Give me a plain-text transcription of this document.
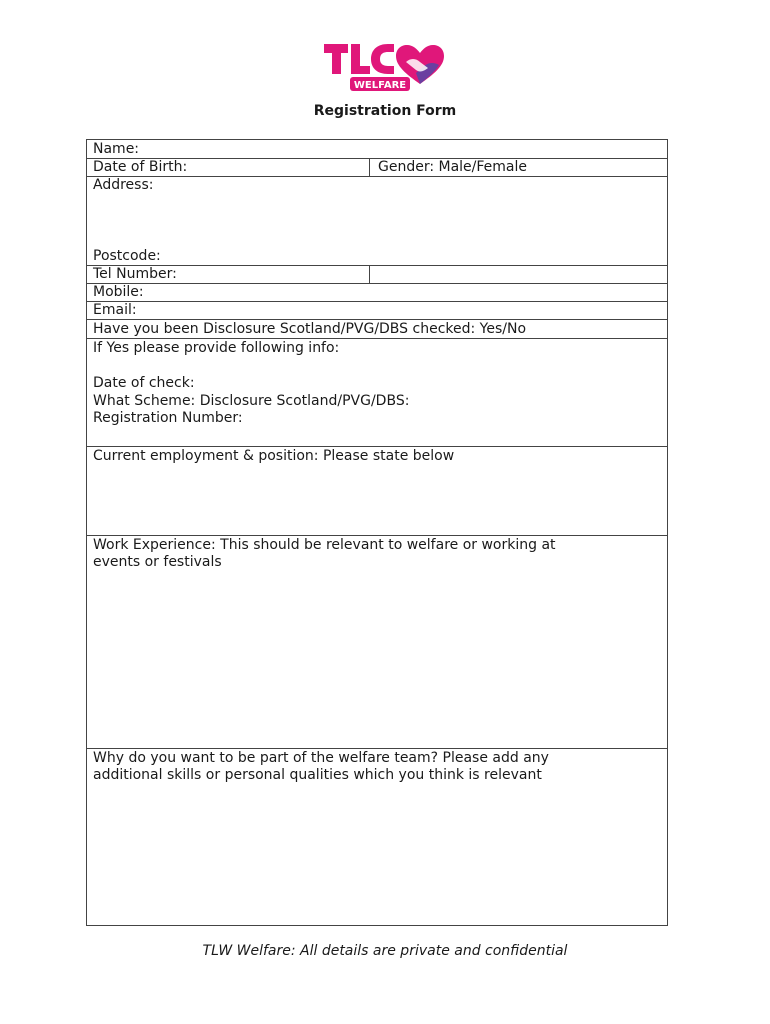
WELFARE
Registration Form
Name:
Date of Birth:	Gender: Male/Female
Address:
Postcode:
Tel Number:
Mobile:
Email:
Have you been Disclosure Scotland/PVG/DBS checked: Yes/No
If Yes please provide following info:
Date of check:
What Scheme: Disclosure Scotland/PVG/DBS:
Registration Number:
Current employment & position: Please state below
Work Experience: This should be relevant to welfare or working at
events or festivals
Why do you want to be part of the welfare team? Please add any
additional skills or personal qualities which you think is relevant
TLW Welfare: All details are private and confidential
